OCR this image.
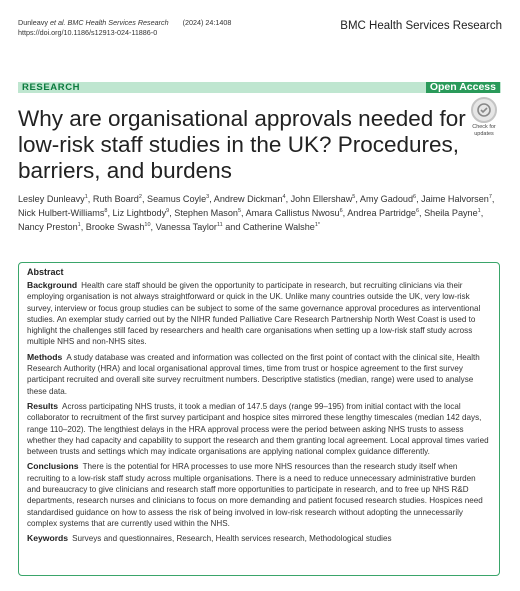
Dunleavy et al. BMC Health Services Research (2024) 24:1408
https://doi.org/10.1186/s12913-024-11886-0
BMC Health Services Research
RESEARCH	Open Access
Why are organisational approvals needed for low-risk staff studies in the UK? Procedures, barriers, and burdens
Check for
updates
Lesley Dunleavy$^1$, Ruth Board$^2$, Seamus Coyle$^3$, Andrew Dickman$^4$, John Ellershaw$^5$, Amy Gadoud$^6$, Jaime Halvorsen$^7$, Nick Hulbert-Williams$^8$, Liz Lightbody$^9$, Stephen Mason$^5$, Amara Callistus Nwosu$^6$, Andrea Partridge$^6$, Sheila Payne$^1$, Nancy Preston$^1$, Brooke Swash$^{10}$, Vanessa Taylor$^{11}$ and Catherine Walshe$^{1*}$
Abstract

Background Health care staff should be given the opportunity to participate in research, but recruiting clinicians via their employing organisation is not always straightforward or quick in the UK. Unlike many countries outside the UK, very low-risk survey, interview or focus group studies can be subject to some of the same governance approval procedures as interventional studies. An exemplar study carried out by the NIHR funded Palliative Care Research Partnership North West Coast is used to highlight the challenges still faced by researchers and health care organisations when setting up a low-risk staff study across multiple NHS and non-NHS sites.

Methods A study database was created and information was collected on the first point of contact with the clinical site, Health Research Authority (HRA) and local organisational approval times, time from trust or hospice agreement to the first survey participant recruited and overall site survey recruitment numbers. Descriptive statistics (median, range) were used to analyse these data.

Results Across participating NHS trusts, it took a median of 147.5 days (range 99–195) from initial contact with the local collaborator to recruitment of the first survey participant and hospice sites mirrored these lengthy timescales (median 142 days, range 110–202). The lengthiest delays in the HRA approval process were the period between asking NHS trusts to assess whether they had capacity and capability to support the research and them granting local agreement. Local approval times varied between trusts and settings which may indicate organisations are applying national complex guidance differently.

Conclusions There is the potential for HRA processes to use more NHS resources than the research study itself when recruiting to a low-risk staff study across multiple organisations. There is a need to reduce unnecessary administrative burden and bureaucracy to give clinicians and research staff more opportunities to participate in research, and to free up NHS R&D departments, research nurses and clinicians to focus on more demanding and patient focused research studies. Hospices need standardised guidance on how to assess the risk of being involved in low-risk research without adopting the unnecessarily complex systems that are currently used within the NHS.

Keywords Surveys and questionnaires, Research, Health services research, Methodological studies
